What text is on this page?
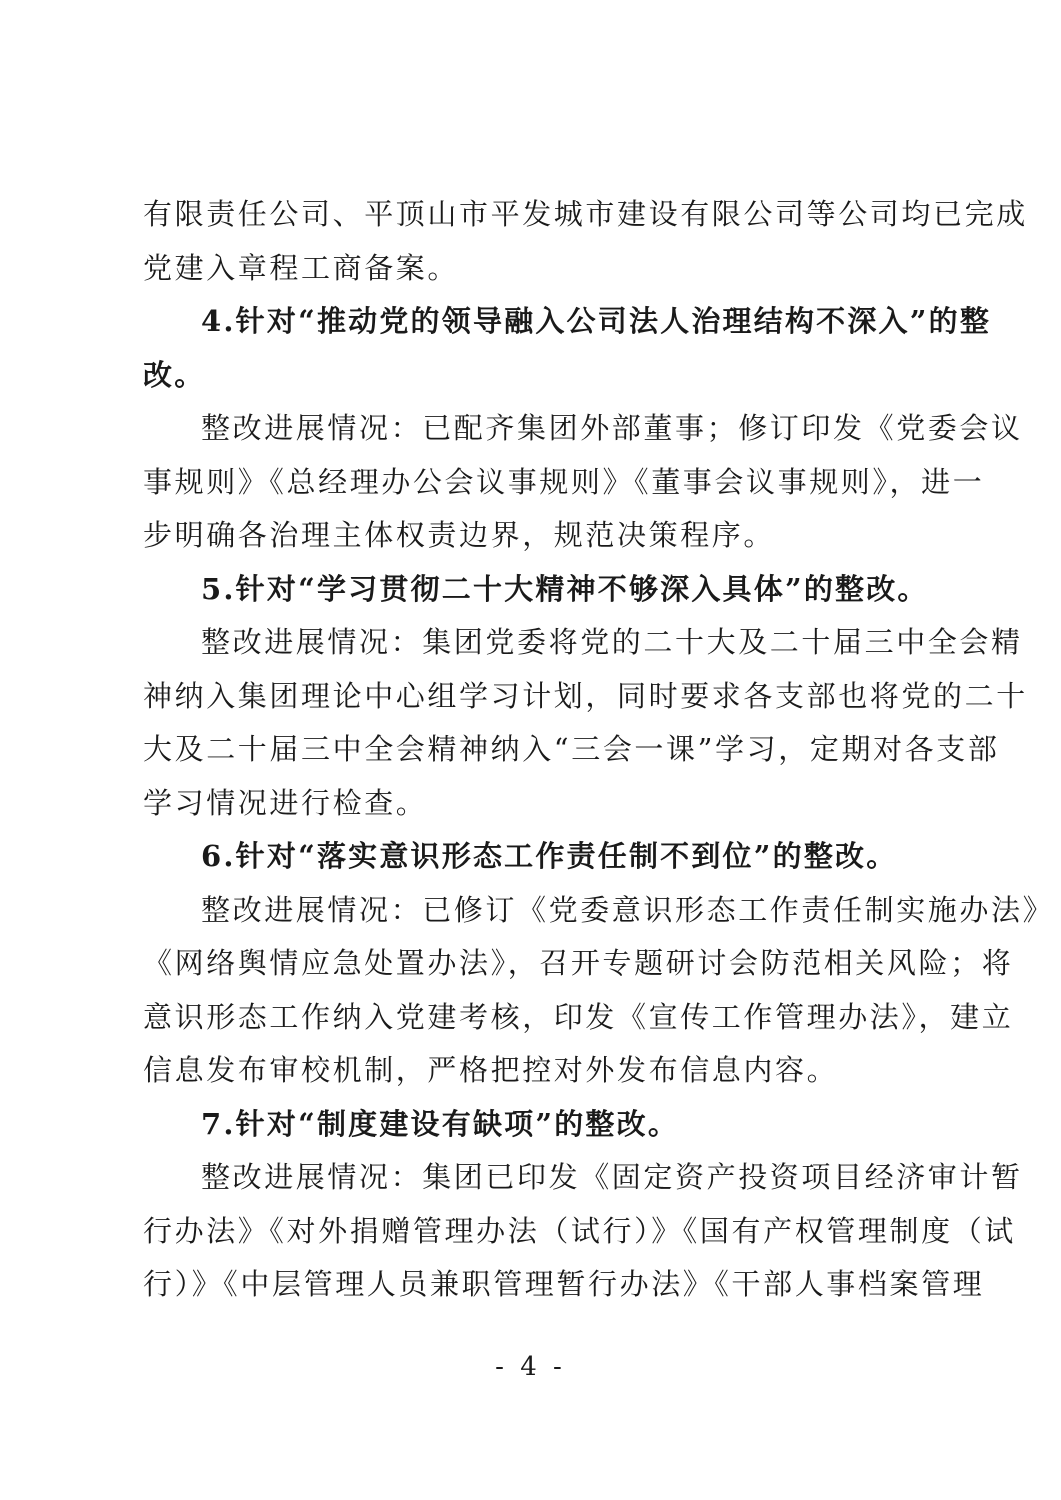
有限责任公司、平顶山市平发城市建设有限公司等公司均已完成
党建入章程工商备案。
4.针对“推动党的领导融入公司法人治理结构不深入”的整
改。
整改进展情况：已配齐集团外部董事；修订印发《党委会议
事规则》《总经理办公会议事规则》《董事会议事规则》，进一
步明确各治理主体权责边界，规范决策程序。
5.针对“学习贯彻二十大精神不够深入具体”的整改。
整改进展情况：集团党委将党的二十大及二十届三中全会精
神纳入集团理论中心组学习计划，同时要求各支部也将党的二十
大及二十届三中全会精神纳入“三会一课”学习，定期对各支部
学习情况进行检查。
6.针对“落实意识形态工作责任制不到位”的整改。
整改进展情况：已修订《党委意识形态工作责任制实施办法》
《网络舆情应急处置办法》，召开专题研讨会防范相关风险；将
意识形态工作纳入党建考核，印发《宣传工作管理办法》，建立
信息发布审校机制，严格把控对外发布信息内容。
7.针对“制度建设有缺项”的整改。
整改进展情况：集团已印发《固定资产投资项目经济审计暂
行办法》《对外捐赠管理办法（试行）》《国有产权管理制度（试
行）》《中层管理人员兼职管理暂行办法》《干部人事档案管理
- 4 -
